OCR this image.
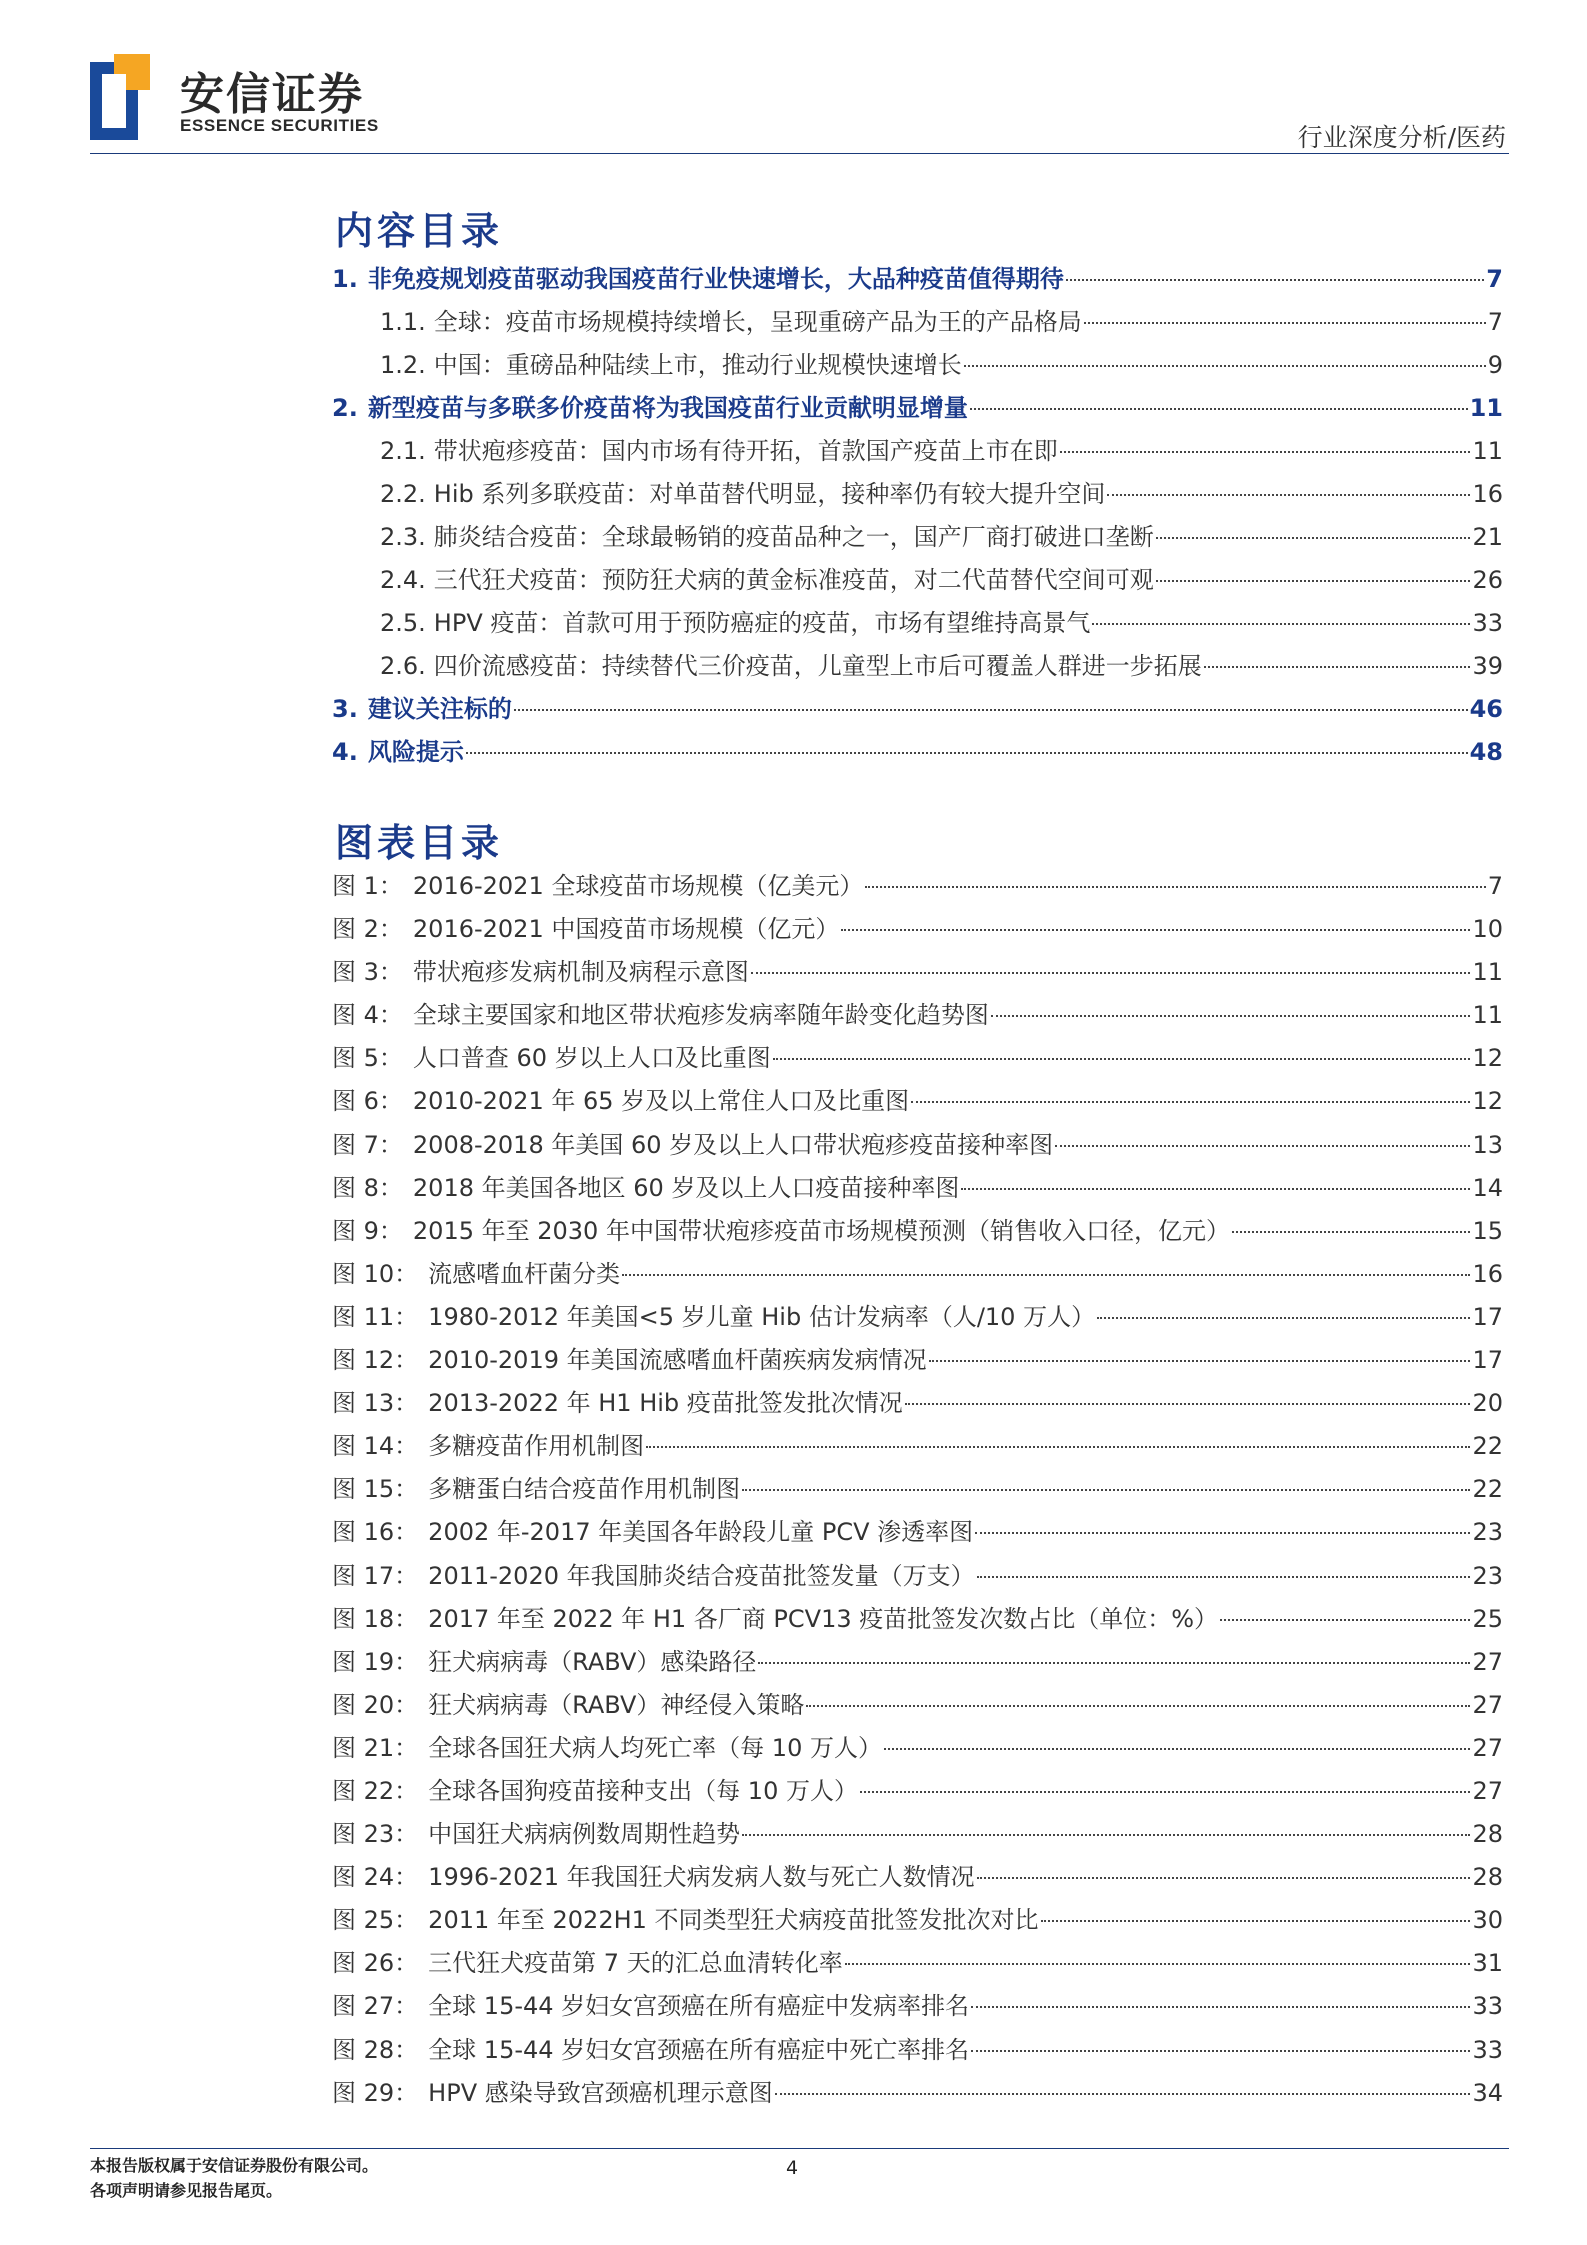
安信证券
ESSENCE SECURITIES	行业深度分析/医药
内容目录
1. 非免疫规划疫苗驱动我国疫苗行业快速增长，大品种疫苗值得期待	7
1.1. 全球：疫苗市场规模持续增长，呈现重磅产品为王的产品格局	7
1.2. 中国：重磅品种陆续上市，推动行业规模快速增长	9
2. 新型疫苗与多联多价疫苗将为我国疫苗行业贡献明显增量	11
2.1. 带状疱疹疫苗：国内市场有待开拓，首款国产疫苗上市在即	11
2.2. Hib 系列多联疫苗：对单苗替代明显，接种率仍有较大提升空间	16
2.3. 肺炎结合疫苗：全球最畅销的疫苗品种之一，国产厂商打破进口垄断	21
2.4. 三代狂犬疫苗：预防狂犬病的黄金标准疫苗，对二代苗替代空间可观	26
2.5. HPV 疫苗：首款可用于预防癌症的疫苗，市场有望维持高景气	33
2.6. 四价流感疫苗：持续替代三价疫苗，儿童型上市后可覆盖人群进一步拓展	39
3. 建议关注标的	46
4. 风险提示	48
图表目录
图 1： 2016-2021 全球疫苗市场规模（亿美元）	7
图 2： 2016-2021 中国疫苗市场规模（亿元）	10
图 3： 带状疱疹发病机制及病程示意图	11
图 4： 全球主要国家和地区带状疱疹发病率随年龄变化趋势图	11
图 5： 人口普查 60 岁以上人口及比重图	12
图 6： 2010-2021 年 65 岁及以上常住人口及比重图	12
图 7： 2008-2018 年美国 60 岁及以上人口带状疱疹疫苗接种率图	13
图 8： 2018 年美国各地区 60 岁及以上人口疫苗接种率图	14
图 9： 2015 年至 2030 年中国带状疱疹疫苗市场规模预测（销售收入口径，亿元）	15
图 10： 流感嗜血杆菌分类	16
图 11： 1980-2012 年美国<5 岁儿童 Hib 估计发病率（人/10 万人）	17
图 12： 2010-2019 年美国流感嗜血杆菌疾病发病情况	17
图 13： 2013-2022 年 H1 Hib 疫苗批签发批次情况	20
图 14： 多糖疫苗作用机制图	22
图 15： 多糖蛋白结合疫苗作用机制图	22
图 16： 2002 年-2017 年美国各年龄段儿童 PCV 渗透率图	23
图 17： 2011-2020 年我国肺炎结合疫苗批签发量（万支）	23
图 18： 2017 年至 2022 年 H1 各厂商 PCV13 疫苗批签发次数占比（单位：%）	25
图 19： 狂犬病病毒（RABV）感染路径	27
图 20： 狂犬病病毒（RABV）神经侵入策略	27
图 21： 全球各国狂犬病人均死亡率（每 10 万人）	27
图 22： 全球各国狗疫苗接种支出（每 10 万人）	27
图 23： 中国狂犬病病例数周期性趋势	28
图 24： 1996-2021 年我国狂犬病发病人数与死亡人数情况	28
图 25： 2011 年至 2022H1 不同类型狂犬病疫苗批签发批次对比	30
图 26： 三代狂犬疫苗第 7 天的汇总血清转化率	31
图 27： 全球 15-44 岁妇女宫颈癌在所有癌症中发病率排名	33
图 28： 全球 15-44 岁妇女宫颈癌在所有癌症中死亡率排名	33
图 29： HPV 感染导致宫颈癌机理示意图	34
本报告版权属于安信证券股份有限公司。
各项声明请参见报告尾页。
4
